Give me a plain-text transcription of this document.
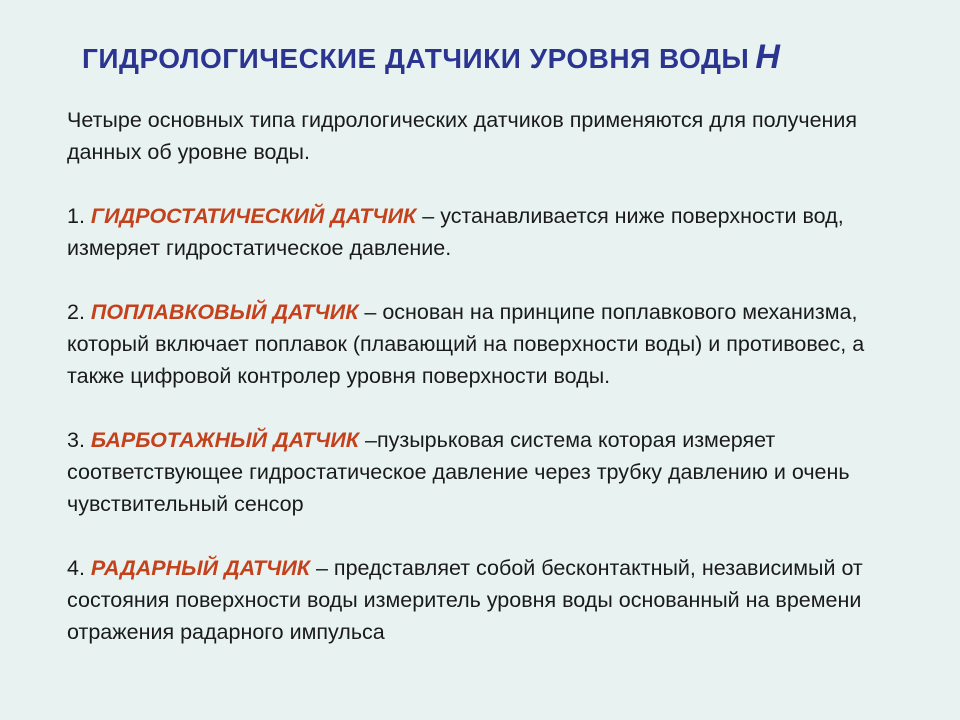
ГИДРОЛОГИЧЕСКИЕ ДАТЧИКИ УРОВНЯ ВОДЫ H

Четыре основных типа гидрологических датчиков применяются для получения данных об уровне воды.

1. ГИДРОСТАТИЧЕСКИЙ ДАТЧИК – устанавливается ниже поверхности вод, измеряет гидростатическое давление.

2. ПОПЛАВКОВЫЙ ДАТЧИК – основан на принципе поплавкового механизма, который включает поплавок (плавающий на поверхности воды) и противовес, а также цифровой контролер уровня поверхности воды.

3. БАРБОТАЖНЫЙ ДАТЧИК –пузырьковая система которая измеряет соответствующее гидростатическое давление через трубку давлению и очень чувствительный сенсор

4. РАДАРНЫЙ ДАТЧИК – представляет собой бесконтактный, независимый от состояния поверхности воды измеритель уровня воды основанный на времени отражения радарного импульса
